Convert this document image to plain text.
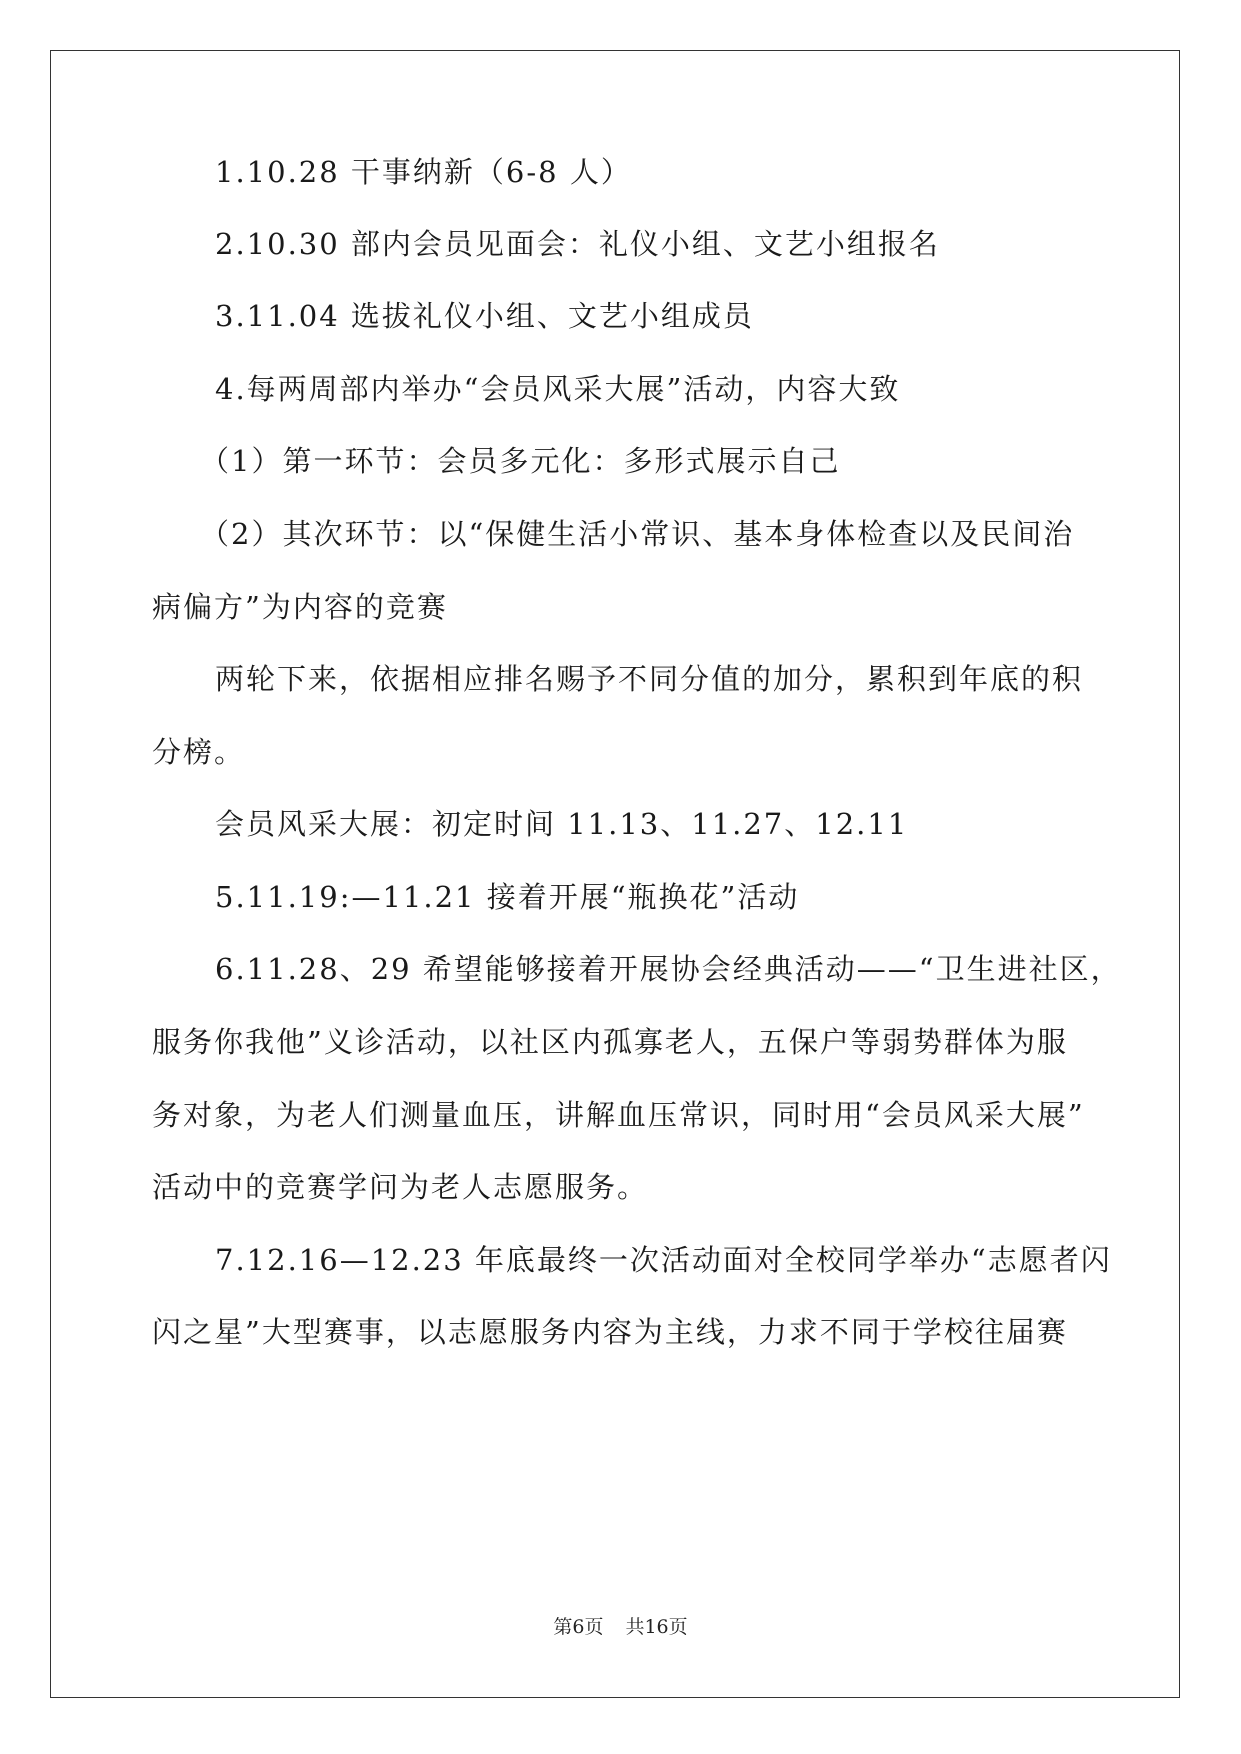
1.10.28 干事纳新（6-8 人）
2.10.30 部内会员见面会：礼仪小组、文艺小组报名
3.11.04 选拔礼仪小组、文艺小组成员
4.每两周部内举办“会员风采大展”活动，内容大致
（1）第一环节：会员多元化：多形式展示自己
（2）其次环节：以“保健生活小常识、基本身体检查以及民间治
病偏方”为内容的竞赛
两轮下来，依据相应排名赐予不同分值的加分，累积到年底的积
分榜。
会员风采大展：初定时间 11.13、11.27、12.11
5.11.19:—11.21 接着开展“瓶换花”活动
6.11.28、29 希望能够接着开展协会经典活动——“卫生进社区，
服务你我他”义诊活动，以社区内孤寡老人，五保户等弱势群体为服
务对象，为老人们测量血压，讲解血压常识，同时用“会员风采大展”
活动中的竞赛学问为老人志愿服务。
7.12.16—12.23 年底最终一次活动面对全校同学举办“志愿者闪
闪之星”大型赛事，以志愿服务内容为主线，力求不同于学校往届赛
第6页 共16页
